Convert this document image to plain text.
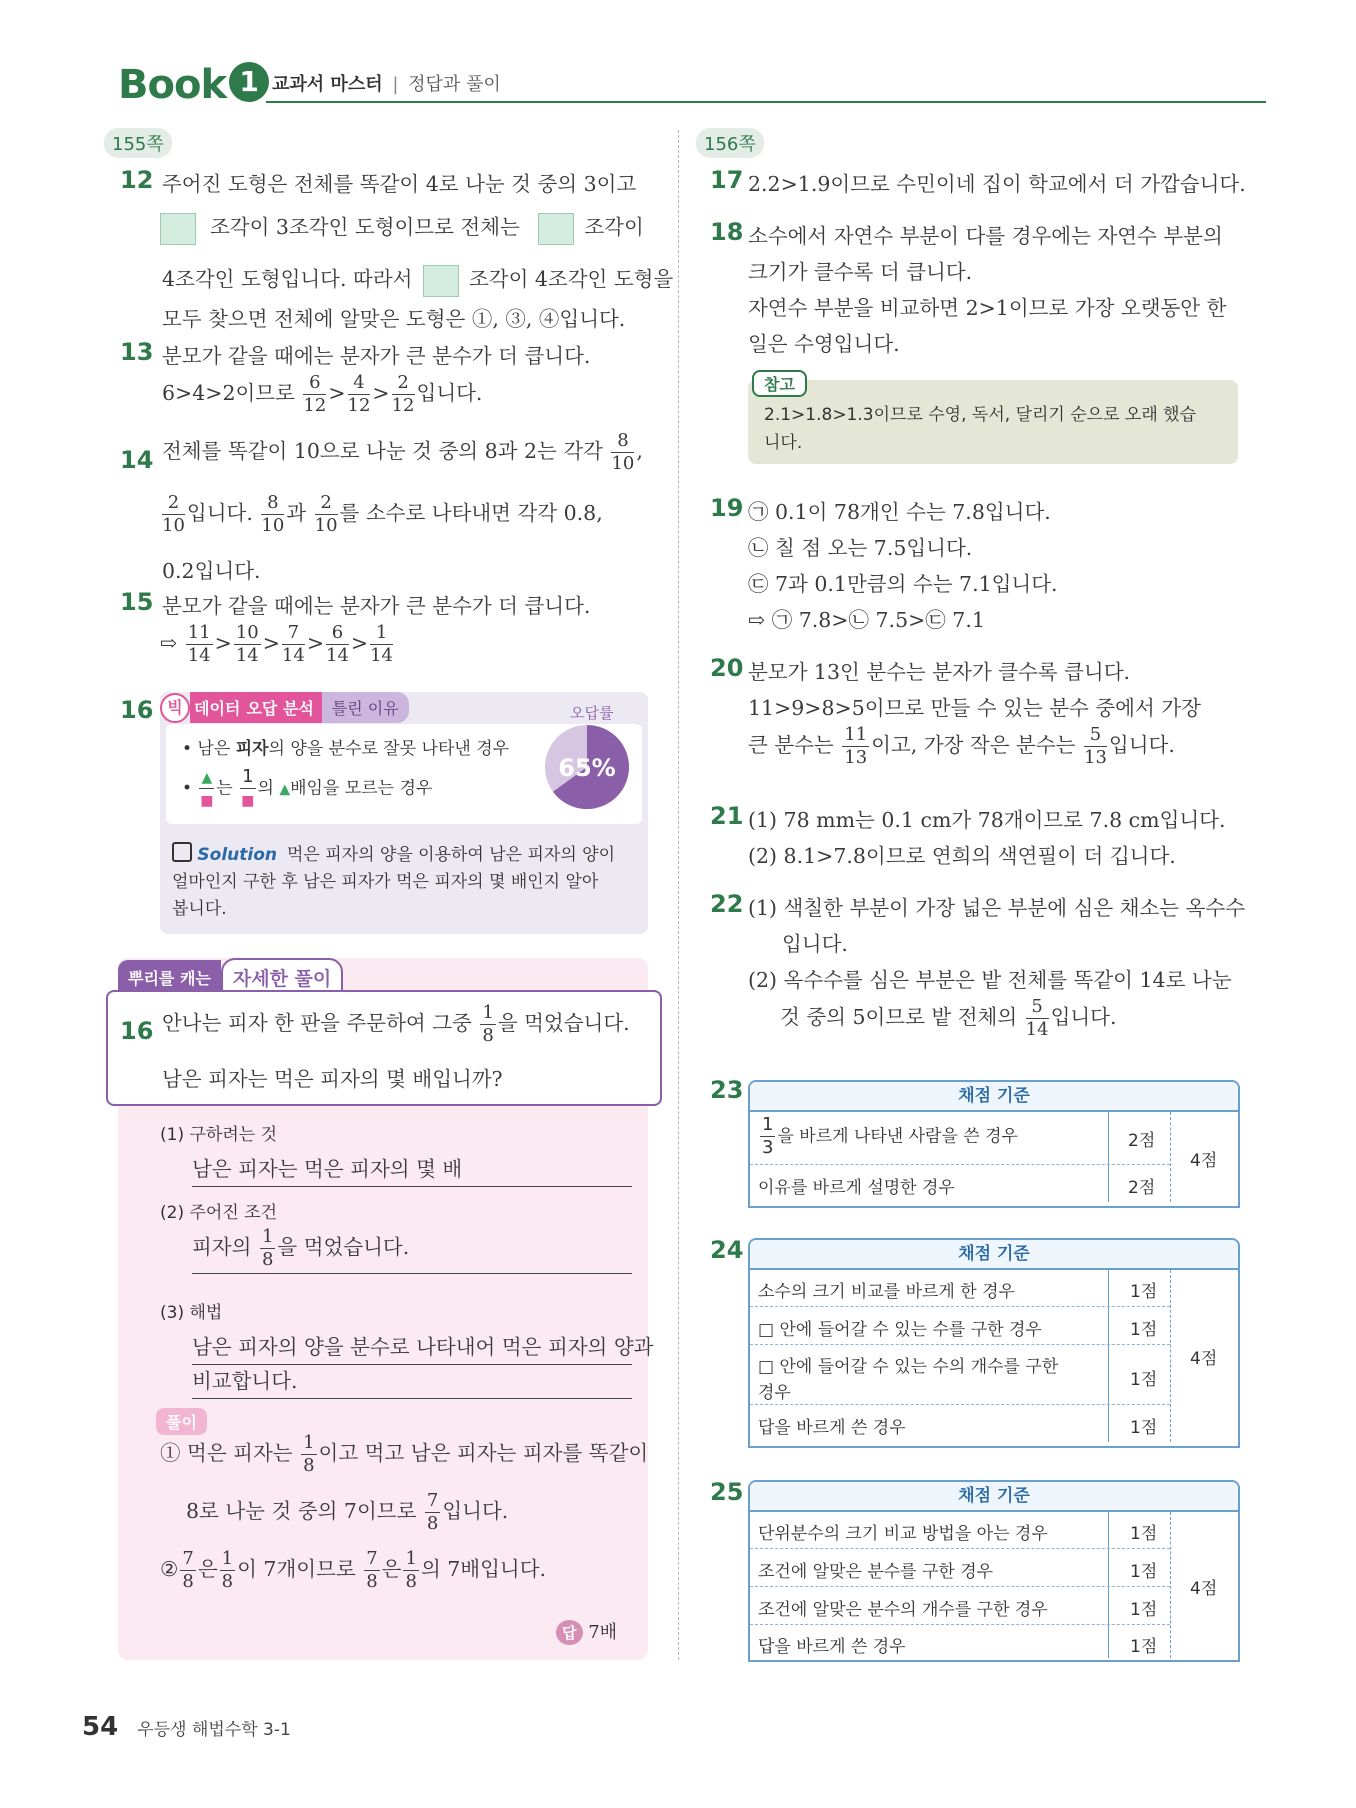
Book 1 교과서 마스터 | 정답과 풀이
155쪽	156쪽
12 주어진 도형은 전체를 똑같이 4로 나눈 것 중의 3이고
조각이 3조각인 도형이므로 전체는	조각이
4조각인 도형입니다. 따라서	조각이 4조각인 도형을
모두 찾으면 전체에 알맞은 도형은 ①, ③, ④입니다.
13 분모가 같을 때에는 분자가 큰 분수가 더 큽니다.
6>4>2이므로 $\frac{6}{12} > \frac{4}{12} > \frac{2}{12}$ 입니다.
14 전체를 똑같이 10으로 나눈 것 중의 8과 2는 각각 $\frac{8}{10}$ ,
$\frac{2}{10}$ 입니다. $\frac{8}{10}$ 과 $\frac{2}{10}$ 를 소수로 나타내면 각각 0.8,
0.2입니다.
15 분모가 같을 때에는 분자가 큰 분수가 더 큽니다.
⇨ $\frac{11}{14} > \frac{10}{14} > \frac{7}{14} > \frac{6}{14} > \frac{1}{14}$
16 빅 데이터 오답 분석 틀린 이유
• 남은 피자의 양을 분수로 잘못 나타낸 경우
• $\frac{▲}{■}$ 는 $\frac{1}{■}$ 의 ▲배임을 모르는 경우
오답률
65%
Solution 먹은 피자의 양을 이용하여 남은 피자의 양이
얼마인지 구한 후 남은 피자가 먹은 피자의 몇 배인지 알아
봅니다.
뿌리를 캐는 자세한 풀이
16 안나는 피자 한 판을 주문하여 그중 $\frac{1}{8}$ 을 먹었습니다.
남은 피자는 먹은 피자의 몇 배입니까?
(1) 구하려는 것
남은 피자는 먹은 피자의 몇 배
(2) 주어진 조건
피자의 $\frac{1}{8}$ 을 먹었습니다.
(3) 해법
남은 피자의 양을 분수로 나타내어 먹은 피자의 양과
비교합니다.
풀이
① 먹은 피자는 $\frac{1}{8}$ 이고 먹고 남은 피자는 피자를 똑같이
8로 나눈 것 중의 7이므로 $\frac{7}{8}$ 입니다.
② $\frac{7}{8}$ 은 $\frac{1}{8}$ 이 7개이므로 $\frac{7}{8}$ 은 $\frac{1}{8}$ 의 7배입니다.
답 7배
17 2.2>1.9이므로 수민이네 집이 학교에서 더 가깝습니다.
18 소수에서 자연수 부분이 다를 경우에는 자연수 부분의
크기가 클수록 더 큽니다.
자연수 부분을 비교하면 2>1이므로 가장 오랫동안 한
일은 수영입니다.
참고
2.1>1.8>1.3이므로 수영, 독서, 달리기 순으로 오래 했습
니다.
19 ㉠ 0.1이 78개인 수는 7.8입니다.
㉡ 칠 점 오는 7.5입니다.
㉢ 7과 0.1만큼의 수는 7.1입니다.
⇨ ㉠ 7.8>㉡ 7.5>㉢ 7.1
20 분모가 13인 분수는 분자가 클수록 큽니다.
11>9>8>5이므로 만들 수 있는 분수 중에서 가장
큰 분수는 $\frac{11}{13}$ 이고, 가장 작은 분수는 $\frac{5}{13}$ 입니다.
21 (1) 78 mm는 0.1 cm가 78개이므로 7.8 cm입니다.
(2) 8.1>7.8이므로 연희의 색연필이 더 깁니다.
22 (1) 색칠한 부분이 가장 넓은 부분에 심은 채소는 옥수수
입니다.
(2) 옥수수를 심은 부분은 밭 전체를 똑같이 14로 나눈
것 중의 5이므로 밭 전체의 $\frac{5}{14}$ 입니다.
23	채점 기준
$\frac{1}{3}$ 을 바르게 나타낸 사람을 쓴 경우	2점
이유를 바르게 설명한 경우	2점
4점
24	채점 기준
소수의 크기 비교를 바르게 한 경우	1점
□ 안에 들어갈 수 있는 수를 구한 경우	1점
□ 안에 들어갈 수 있는 수의 개수를 구한
경우
1점
답을 바르게 쓴 경우	1점
4점
25	채점 기준
단위분수의 크기 비교 방법을 아는 경우	1점
조건에 알맞은 분수를 구한 경우	1점
조건에 알맞은 분수의 개수를 구한 경우	1점
답을 바르게 쓴 경우	1점
4점
54 우등생 해법수학 3-1
